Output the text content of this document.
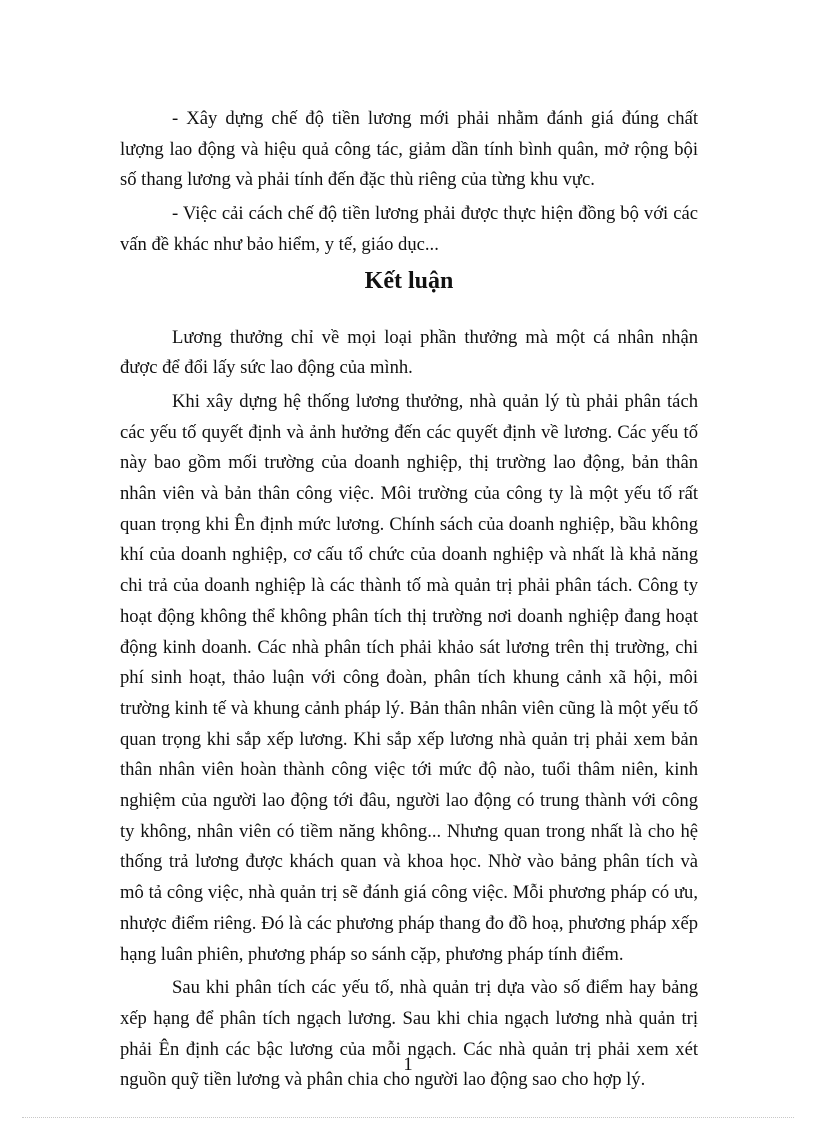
- Xây dựng chế độ tiền lương mới phải nhằm đánh giá đúng chất lượng lao động và hiệu quả công tác, giảm dần tính bình quân, mở rộng bội số thang lương và phải tính đến đặc thù riêng của từng khu vực.

- Việc cải cách chế độ tiền lương phải được thực hiện đồng bộ với các vấn đề khác như bảo hiểm, y tế, giáo dục...

Kết luận

Lương thưởng chỉ về mọi loại phần thưởng mà một cá nhân nhận được để đổi lấy sức lao động của mình.

Khi xây dựng hệ thống lương thưởng, nhà quản lý tù phải phân tách các yếu tố quyết định và ảnh hưởng đến các quyết định về lương. Các yếu tố này bao gồm mối trường của doanh nghiệp, thị trường lao động, bản thân nhân viên và bản thân công việc. Môi trường của công ty là một yếu tố rất quan trọng khi Ên định mức lương. Chính sách của doanh nghiệp, bầu không khí của doanh nghiệp, cơ cấu tổ chức của doanh nghiệp và nhất là khả năng chi trả của doanh nghiệp là các thành tố mà quản trị phải phân tách. Công ty hoạt động không thể không phân tích thị trường nơi doanh nghiệp đang hoạt động kinh doanh. Các nhà phân tích phải khảo sát lương trên thị trường, chi phí sinh hoạt, thảo luận với công đoàn, phân tích khung cảnh xã hội, môi trường kinh tế và khung cảnh pháp lý. Bản thân nhân viên cũng là một yếu tố quan trọng khi sắp xếp lương. Khi sắp xếp lương nhà quản trị phải xem bản thân nhân viên hoàn thành công việc tới mức độ nào, tuổi thâm niên, kinh nghiệm của người lao động tới đâu, người lao động có trung thành với công ty không, nhân viên có tiềm năng không... Nhưng quan trong nhất là cho hệ thống trả lương được khách quan và khoa học. Nhờ vào bảng phân tích và mô tả công việc, nhà quản trị sẽ đánh giá công việc. Mỗi phương pháp có ưu, nhược điểm riêng. Đó là các phương pháp thang đo đồ hoạ, phương pháp xếp hạng luân phiên, phương pháp so sánh cặp, phương pháp tính điểm.

Sau khi phân tích các yếu tố, nhà quản trị dựa vào số điểm hay bảng xếp hạng để phân tích ngạch lương. Sau khi chia ngạch lương nhà quản trị phải Ên định các bậc lương của mỗi ngạch. Các nhà quản trị phải xem xét nguồn quỹ tiền lương và phân chia cho người lao động sao cho hợp lý.

1
